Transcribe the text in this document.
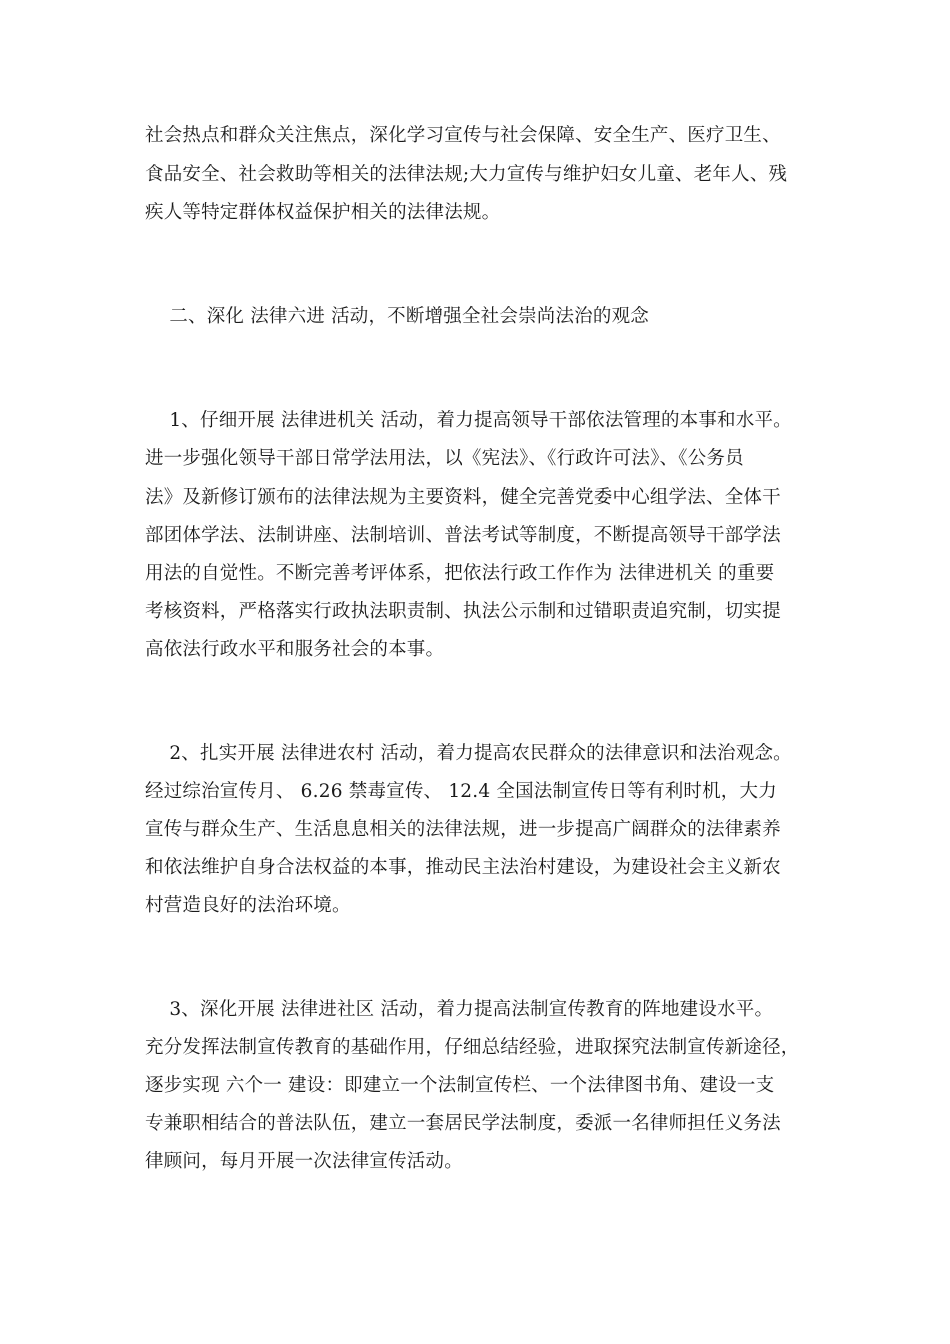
社会热点和群众关注焦点，深化学习宣传与社会保障、安全生产、医疗卫生、
食品安全、社会救助等相关的法律法规;大力宣传与维护妇女儿童、老年人、残
疾人等特定群体权益保护相关的法律法规。
二、深化 法律六进 活动，不断增强全社会崇尚法治的观念
1、仔细开展 法律进机关 活动，着力提高领导干部依法管理的本事和水平。
进一步强化领导干部日常学法用法，以《宪法》、《行政许可法》、《公务员
法》及新修订颁布的法律法规为主要资料，健全完善党委中心组学法、全体干
部团体学法、法制讲座、法制培训、普法考试等制度，不断提高领导干部学法
用法的自觉性。不断完善考评体系，把依法行政工作作为 法律进机关 的重要
考核资料，严格落实行政执法职责制、执法公示制和过错职责追究制，切实提
高依法行政水平和服务社会的本事。
2、扎实开展 法律进农村 活动，着力提高农民群众的法律意识和法治观念。
经过综治宣传月、 6.26 禁毒宣传、 12.4 全国法制宣传日等有利时机，大力
宣传与群众生产、生活息息相关的法律法规，进一步提高广阔群众的法律素养
和依法维护自身合法权益的本事，推动民主法治村建设，为建设社会主义新农
村营造良好的法治环境。
3、深化开展 法律进社区 活动，着力提高法制宣传教育的阵地建设水平。
充分发挥法制宣传教育的基础作用，仔细总结经验，进取探究法制宣传新途径，
逐步实现 六个一 建设：即建立一个法制宣传栏、一个法律图书角、建设一支
专兼职相结合的普法队伍，建立一套居民学法制度，委派一名律师担任义务法
律顾问，每月开展一次法律宣传活动。
